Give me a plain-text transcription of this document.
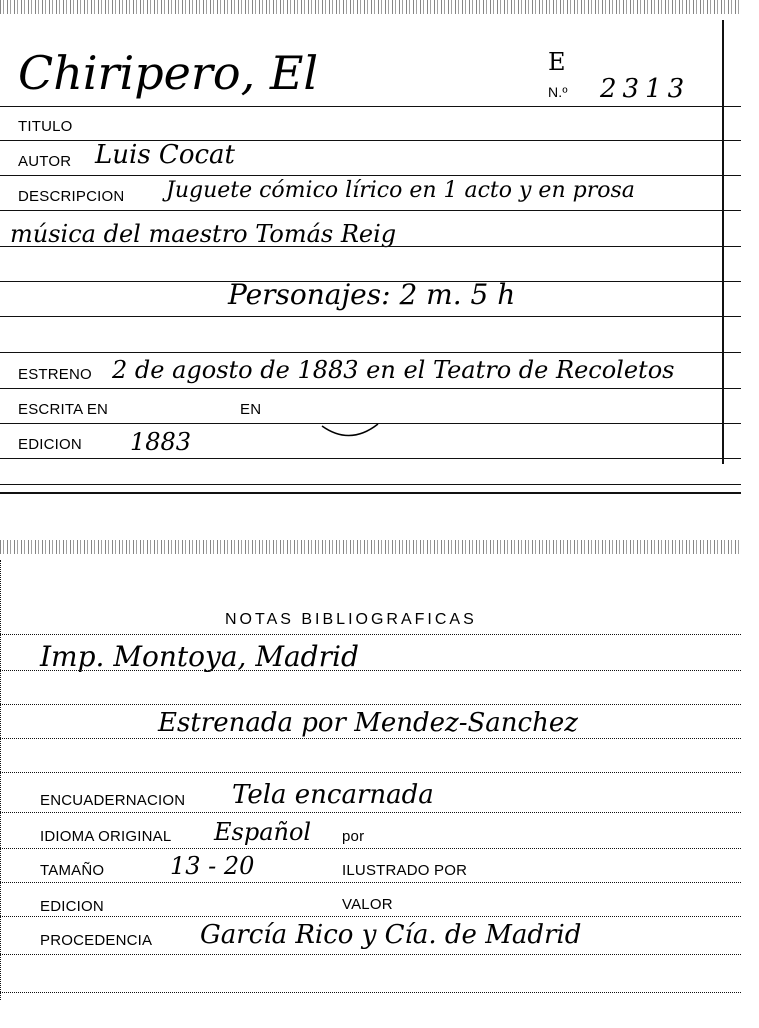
Chiripero, El	E
N.º 2313
TITULO
AUTOR Luis Cocat
DESCRIPCION Juguete cómico lírico en 1 acto y en prosa
música del maestro Tomás Reig
Personajes: 2 m. 5 h
ESTRENO 2 de agosto de 1883 en el Teatro de Recoletos
ESCRITA EN	EN
EDICION 1883
NOTAS BIBLIOGRAFICAS
Imp. Montoya, Madrid
Estrenada por Mendez-Sanchez
ENCUADERNACION Tela encarnada
IDIOMA ORIGINAL Español por
TAMAÑO	13 - 20	ILUSTRADO POR
EDICION	VALOR
PROCEDENCIA García Rico y Cía. de Madrid
